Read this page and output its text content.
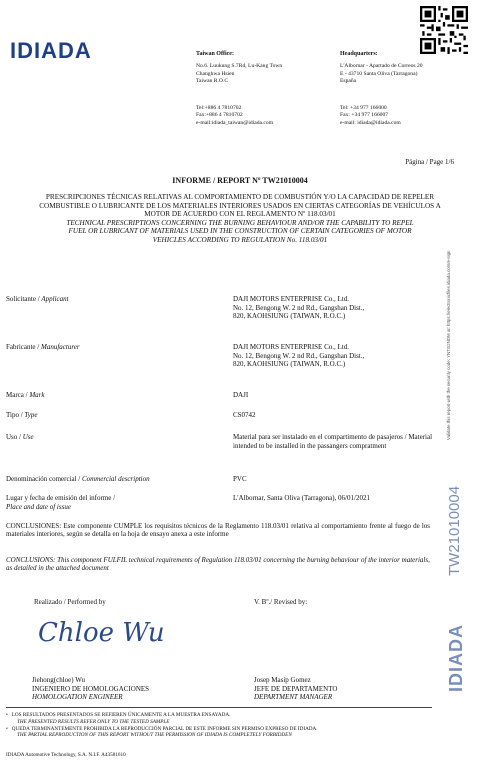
IDIADA	Taiwan Office:

No.6. Luukung S.7Rd, Lu-Kang Town
Changhwa Hsien
Taiwan R.O.C

Tel:+886 4 7810702
Fax:+886 4 7810702
e-mail:idiada_taiwan@idiada.com

Headquarters:

L'Albornar - Apartado de Correos 20
E - 43710 Santa Oliva (Tarragona)
España

Tel: +34 977 166000
Fax: +34 977 166007
e-mail: idiada@idiada.com

Página / Page 1/6
INFORME / REPORT Nº TW21010004
PRESCRIPCIONES TÉCNICAS RELATIVAS AL COMPORTAMIENTO DE COMBUSTIÓN Y/O LA CAPACIDAD DE REPELER COMBUSTIBLE O LUBRICANTE DE LOS MATERIALES INTERIORES USADOS EN CIERTAS CATEGORÍAS DE VEHÍCULOS A MOTOR DE ACUERDO CON EL REGLAMENTO Nº 118.03/01
TECHNICAL PRESCRIPTIONS CONCERNING THE BURNING BEHAVIOUR AND/OR THE CAPABILITY TO REPEL FUEL OR LUBRICANT OF MATERIALS USED IN THE CONSTRUCTION OF CERTAIN CATEGORIES OF MOTOR VEHICLES ACCORDING TO REGULATION No. 118.03/01
Solicitante / Applicant	DAJI MOTORS ENTERPRISE Co., Ltd.
No. 12, Bengong W. 2 nd Rd., Gangshan Dist.,
820, KAOHSIUNG (TAIWAN, R.O.C.)
Fabricante / Manufacturer	DAJI MOTORS ENTERPRISE Co., Ltd.
No. 12, Bengong W. 2 nd Rd., Gangshan Dist.,
820, KAOHSIUNG (TAIWAN, R.O.C.)
Marca / Mark	DAJI
Tipo / Type	CS0742
Uso / Use	Material para ser instalado en el compartimento de pasajeros / Material intended to be installed in the passangers compratment
Denominación comercial / Commercial description	PVC
Lugar y fecha de emisión del informe /
Place and date of issue
L'Albornar, Santa Oliva (Tarragona), 06/01/2021
CONCLUSIONES: Este componente CUMPLE los requisitos técnicos de la Reglamento 118.03/01 relativa al comportamiento frente al fuego de los materiales interiores, según se detalla en la hoja de ensayo anexa a este informe
CONCLUSIONS: This component FULFIL technical requirements of Regulation 118.03/01 concerning the burning behaviour of the interior materials, as detailed in the attached document
Realizado / Performed by	V. Bº./ Revised by:
Chloe Wu
Jiehong(chloe) Wu
INGENIERO DE HOMOLOGACIONES
HOMOLOGATION ENGINEER
Josep Masip Gomez
JEFE DE DEPARTAMENTO
DEPARTMENT MANAGER
•   LOS RESULTADOS PRESENTADOS SE REFIEREN ÚNICAMENTE A LA MUESTRA ENSAYADA.
THE PRESENTED RESULTS REFER ONLY TO THE TESTED SAMPLE
•   QUEDA TERMINANTEMENTE PROHIBIDA LA REPRODUCCIÓN PARCIAL DE ESTE INFORME SIN PERMISO EXPRESO DE IDIADA.
THE PARTIAL REPRODUCTION OF THIS REPORT WITHOUT THE PERMISSION OF IDIADA IS COMPLETELY FORBIDDEN
IDIADA Automotive Technology, S.A. N.I.F. A43581610
Validate this report with the security code: YNTG2NDM at: https://electronicfiles.idiada.com/e-sign
TW21010004
IDIADA
